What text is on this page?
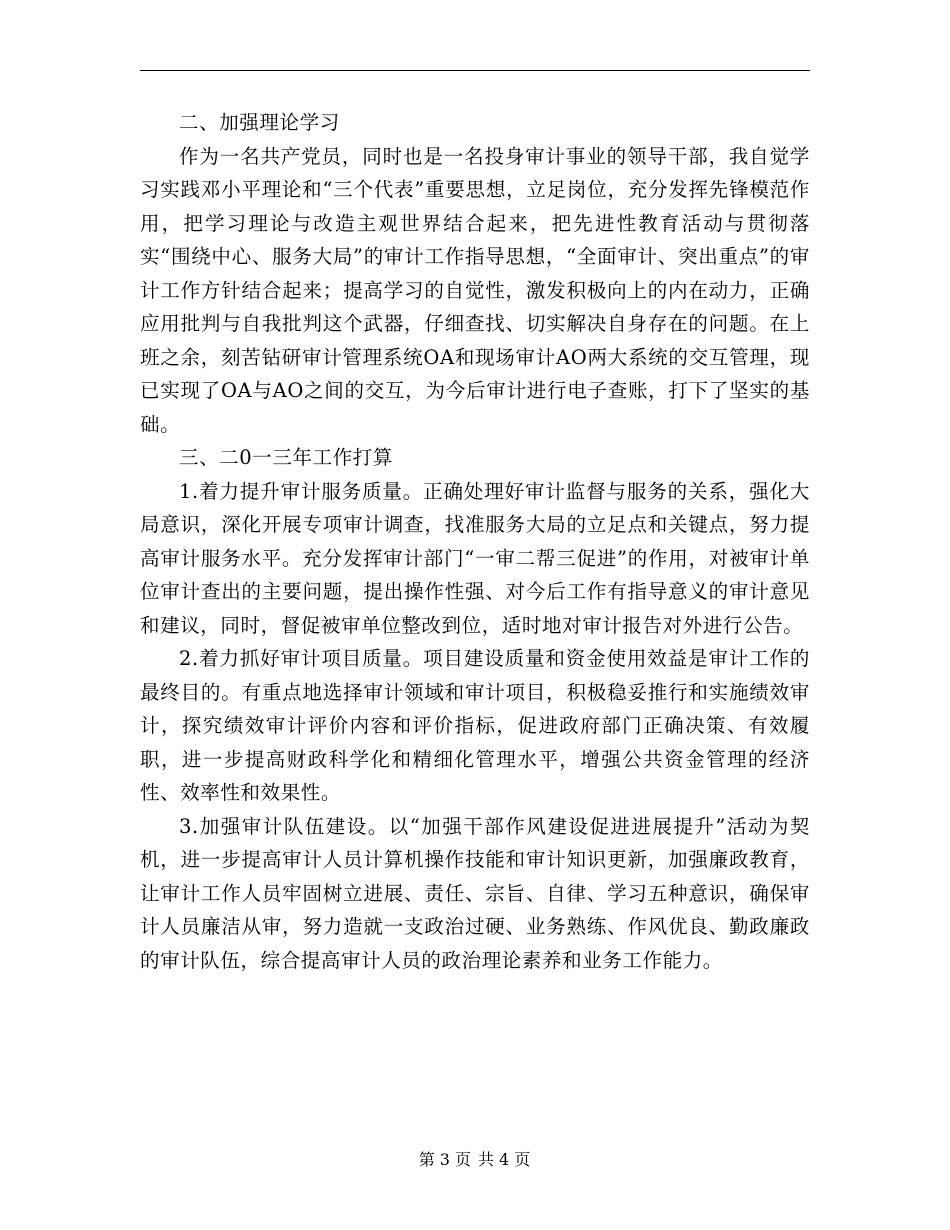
二、加强理论学习

作为一名共产党员，同时也是一名投身审计事业的领导干部，我自觉学习实践邓小平理论和“三个代表”重要思想，立足岗位，充分发挥先锋模范作用，把学习理论与改造主观世界结合起来，把先进性教育活动与贯彻落实“围绕中心、服务大局”的审计工作指导思想，“全面审计、突出重点”的审计工作方针结合起来；提高学习的自觉性，激发积极向上的内在动力，正确应用批判与自我批判这个武器，仔细查找、切实解决自身存在的问题。在上班之余，刻苦钻研审计管理系统OA和现场审计AO两大系统的交互管理，现已实现了OA与AO之间的交互，为今后审计进行电子查账，打下了坚实的基础。

三、二0一三年工作打算

1.着力提升审计服务质量。正确处理好审计监督与服务的关系，强化大局意识，深化开展专项审计调查，找准服务大局的立足点和关键点，努力提高审计服务水平。充分发挥审计部门“一审二帮三促进”的作用，对被审计单位审计查出的主要问题，提出操作性强、对今后工作有指导意义的审计意见和建议，同时，督促被审单位整改到位，适时地对审计报告对外进行公告。

2.着力抓好审计项目质量。项目建设质量和资金使用效益是审计工作的最终目的。有重点地选择审计领域和审计项目，积极稳妥推行和实施绩效审计，探究绩效审计评价内容和评价指标，促进政府部门正确决策、有效履职，进一步提高财政科学化和精细化管理水平，增强公共资金管理的经济性、效率性和效果性。

3.加强审计队伍建设。以“加强干部作风建设促进进展提升”活动为契机，进一步提高审计人员计算机操作技能和审计知识更新，加强廉政教育，让审计工作人员牢固树立进展、责任、宗旨、自律、学习五种意识，确保审计人员廉洁从审，努力造就一支政治过硬、业务熟练、作风优良、勤政廉政的审计队伍，综合提高审计人员的政治理论素养和业务工作能力。

第 3 页 共 4 页
